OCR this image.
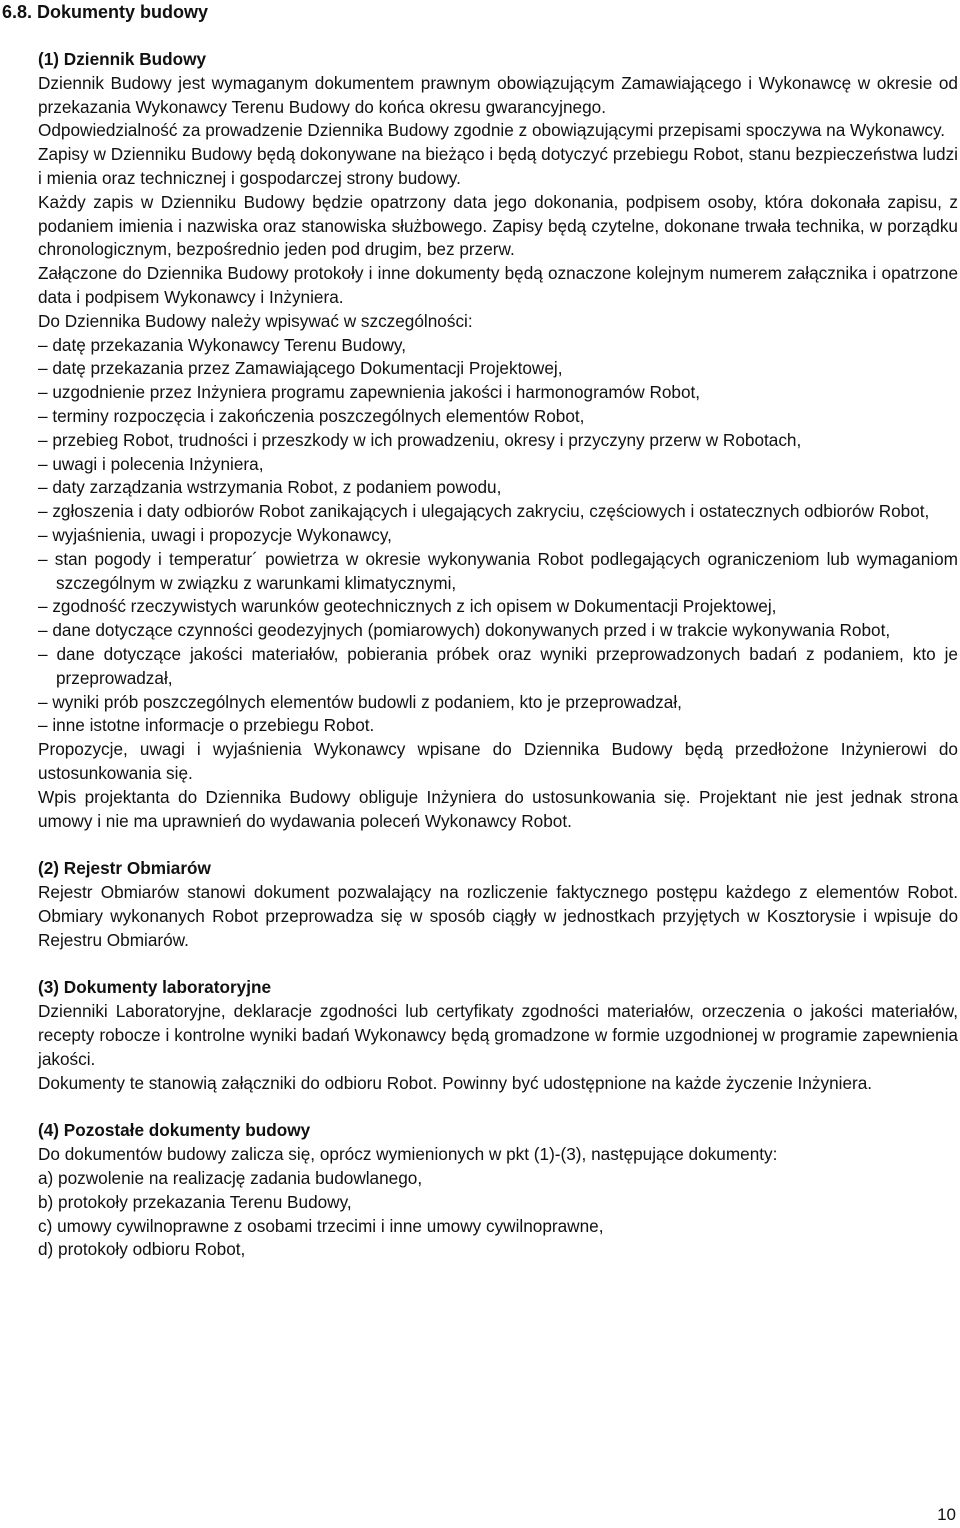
6.8. Dokumenty budowy

(1) Dziennik Budowy

Dziennik Budowy jest wymaganym dokumentem prawnym obowiązującym Zamawiającego i Wykonawcę w okresie od przekazania Wykonawcy Terenu Budowy do końca okresu gwarancyjnego.

Odpowiedzialność za prowadzenie Dziennika Budowy zgodnie z obowiązującymi przepisami spoczywa na Wykonawcy.

Zapisy w Dzienniku Budowy będą dokonywane na bieżąco i będą dotyczyć przebiegu Robot, stanu bezpieczeństwa ludzi i mienia oraz technicznej i gospodarczej strony budowy.

Każdy zapis w Dzienniku Budowy będzie opatrzony data jego dokonania, podpisem osoby, która dokonała zapisu, z podaniem imienia i nazwiska oraz stanowiska służbowego. Zapisy będą czytelne, dokonane trwała technika, w porządku chronologicznym, bezpośrednio jeden pod drugim, bez przerw.

Załączone do Dziennika Budowy protokoły i inne dokumenty będą oznaczone kolejnym numerem załącznika i opatrzone data i podpisem Wykonawcy i Inżyniera.

Do Dziennika Budowy należy wpisywać w szczególności:

– datę przekazania Wykonawcy Terenu Budowy,
– datę przekazania przez Zamawiającego Dokumentacji Projektowej,
– uzgodnienie przez Inżyniera programu zapewnienia jakości i harmonogramów Robot,
– terminy rozpoczęcia i zakończenia poszczególnych elementów Robot,
– przebieg Robot, trudności i przeszkody w ich prowadzeniu, okresy i przyczyny przerw w Robotach,
– uwagi i polecenia Inżyniera,
– daty zarządzania wstrzymania Robot, z podaniem powodu,
– zgłoszenia i daty odbiorów Robot zanikających i ulegających zakryciu, częściowych i ostatecznych odbiorów Robot,
– wyjaśnienia, uwagi i propozycje Wykonawcy,
– stan pogody i temperatur´ powietrza w okresie wykonywania Robot podlegających ograniczeniom lub wymaganiom szczególnym w związku z warunkami klimatycznymi,
– zgodność rzeczywistych warunków geotechnicznych z ich opisem w Dokumentacji Projektowej,
– dane dotyczące czynności geodezyjnych (pomiarowych) dokonywanych przed i w trakcie wykonywania Robot,
– dane dotyczące jakości materiałów, pobierania próbek oraz wyniki przeprowadzonych badań z podaniem, kto je przeprowadzał,
– wyniki prób poszczególnych elementów budowli z podaniem, kto je przeprowadzał,
– inne istotne informacje o przebiegu Robot.

Propozycje, uwagi i wyjaśnienia Wykonawcy wpisane do Dziennika Budowy będą przedłożone Inżynierowi do ustosunkowania się.

Wpis projektanta do Dziennika Budowy obliguje Inżyniera do ustosunkowania się. Projektant nie jest jednak strona umowy i nie ma uprawnień do wydawania poleceń Wykonawcy Robot.

(2) Rejestr Obmiarów

Rejestr Obmiarów stanowi dokument pozwalający na rozliczenie faktycznego postępu każdego z elementów Robot. Obmiary wykonanych Robot przeprowadza się w sposób ciągły w jednostkach przyjętych w Kosztorysie i wpisuje do Rejestru Obmiarów.

(3) Dokumenty laboratoryjne

Dzienniki Laboratoryjne, deklaracje zgodności lub certyfikaty zgodności materiałów, orzeczenia o jakości materiałów, recepty robocze i kontrolne wyniki badań Wykonawcy będą gromadzone w formie uzgodnionej w programie zapewnienia jakości.

Dokumenty te stanowią załączniki do odbioru Robot. Powinny być udostępnione na każde życzenie Inżyniera.

(4) Pozostałe dokumenty budowy

Do dokumentów budowy zalicza się, oprócz wymienionych w pkt (1)-(3), następujące dokumenty:

a) pozwolenie na realizację zadania budowlanego,
b) protokoły przekazania Terenu Budowy,
c) umowy cywilnoprawne z osobami trzecimi i inne umowy cywilnoprawne,
d) protokoły odbioru Robot,
10
